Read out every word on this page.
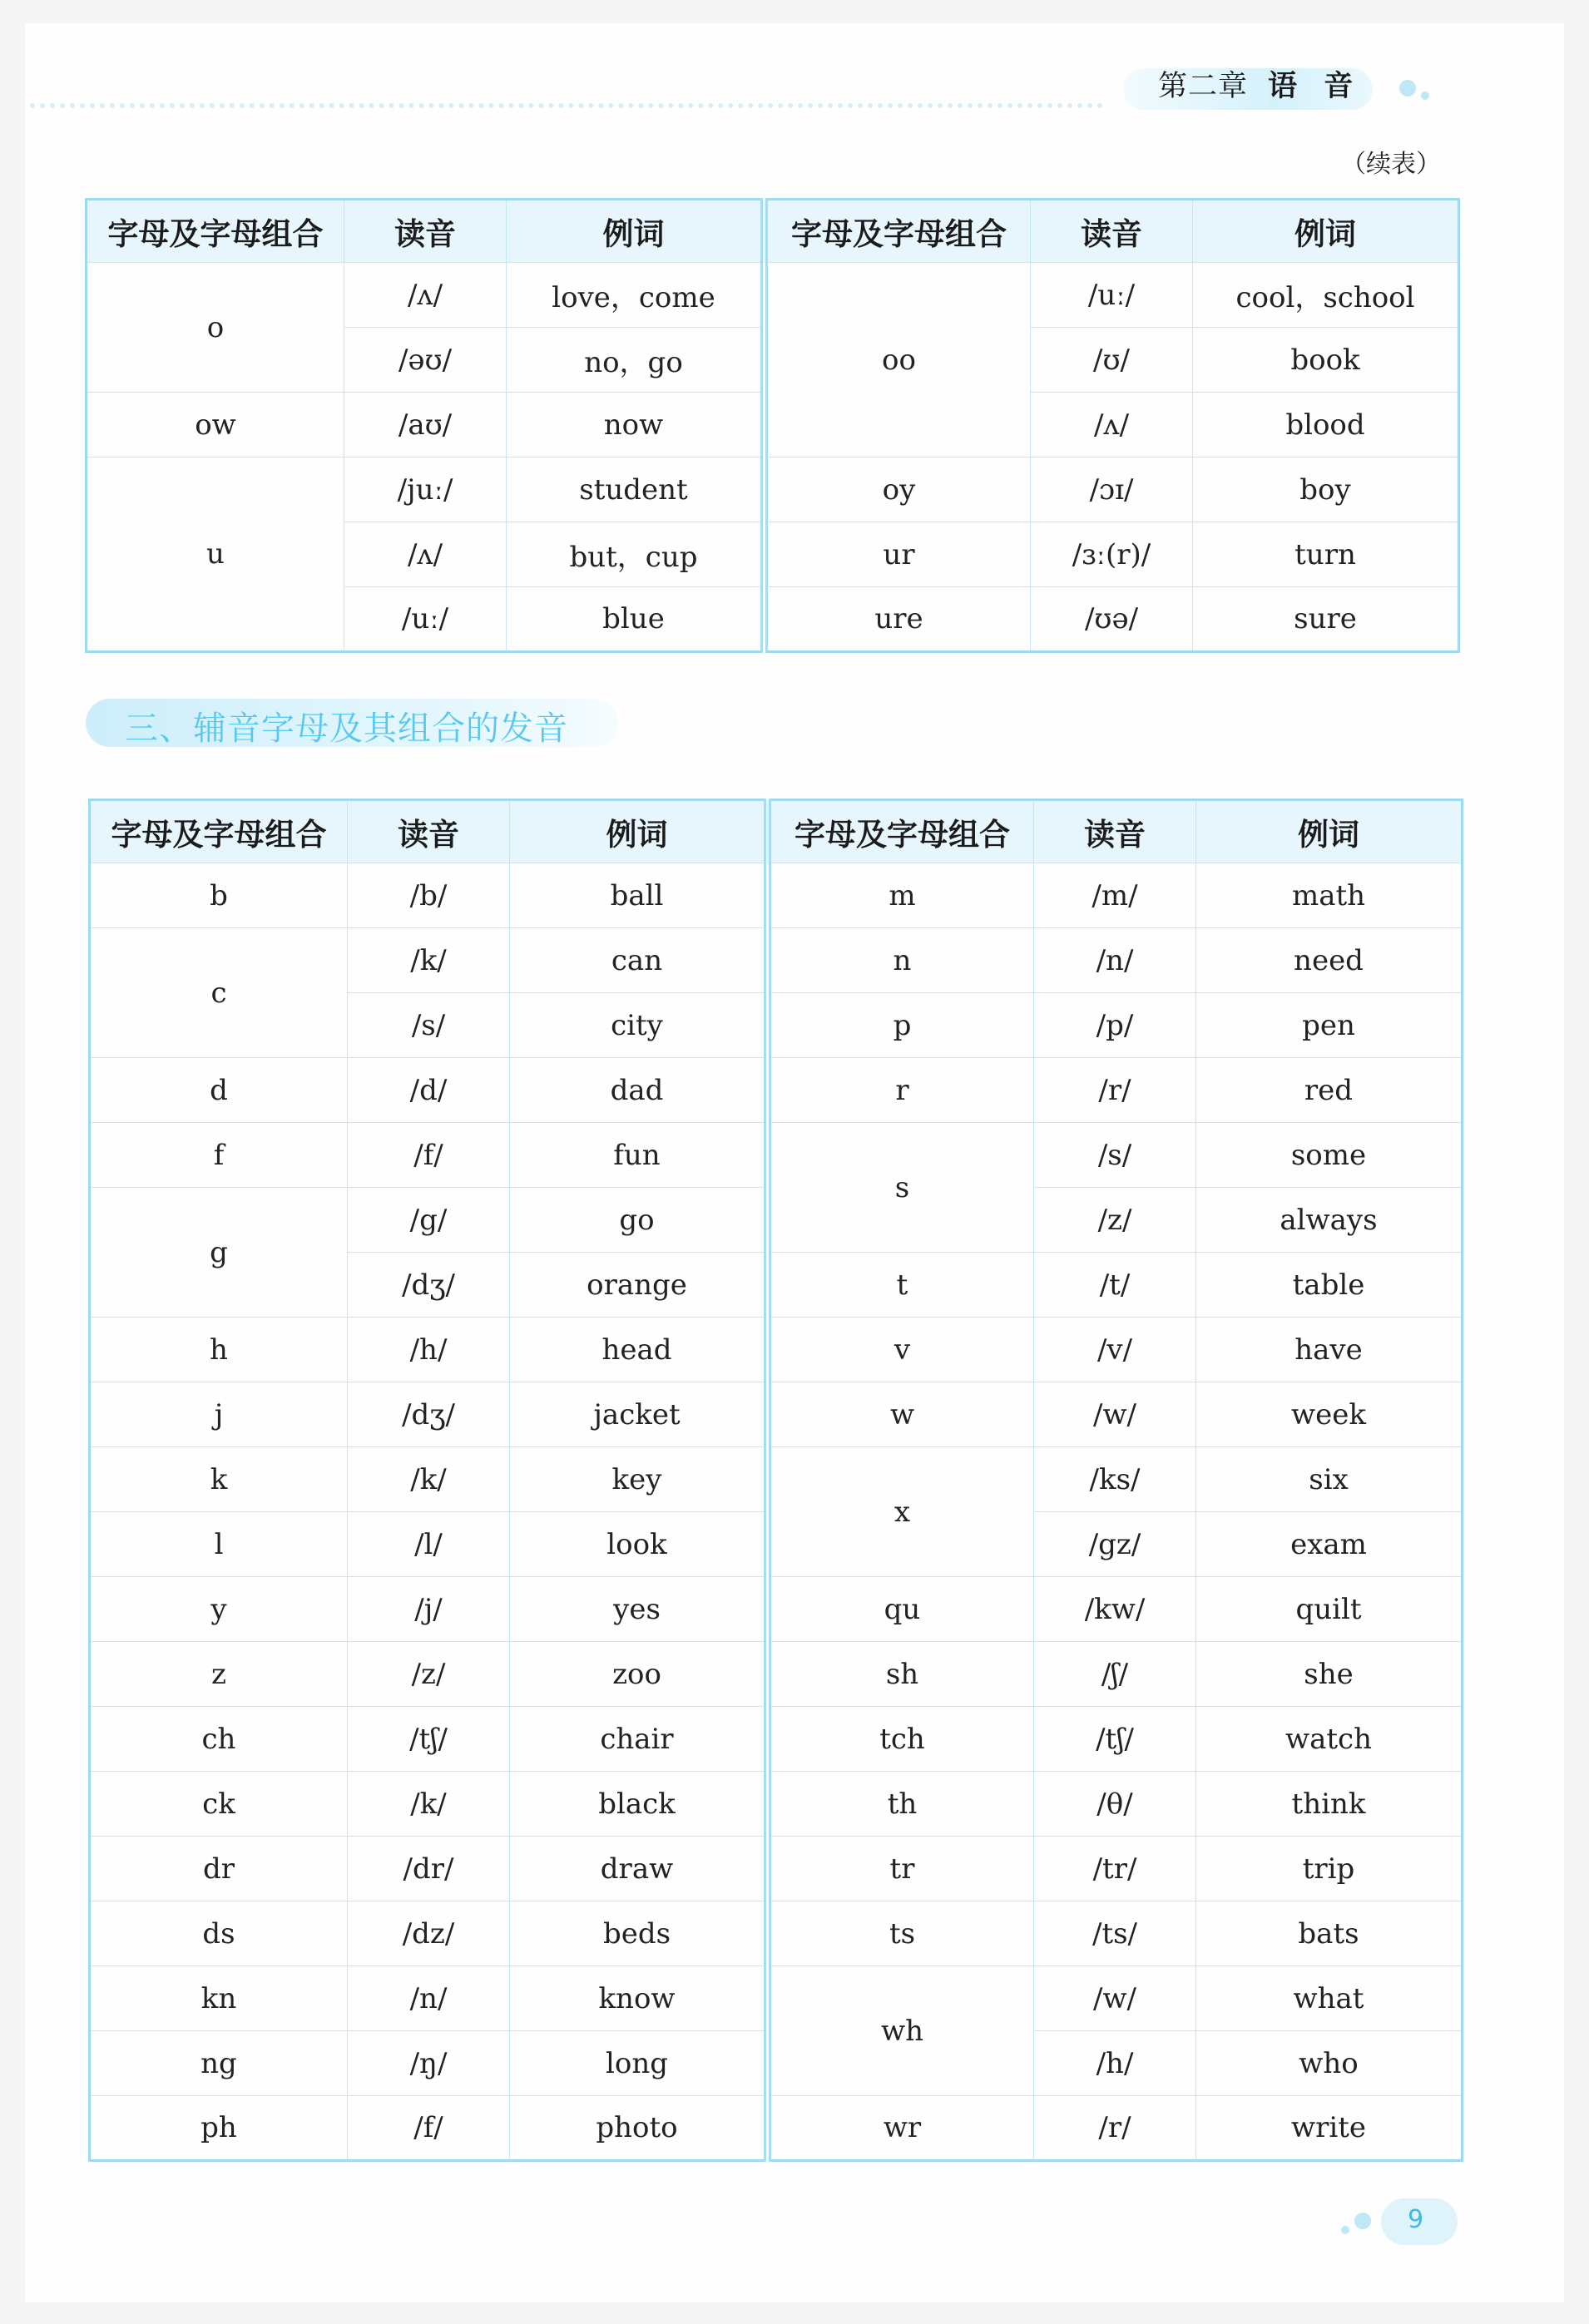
第二章 语 音
（续表）
字母及字母组合	读音	例词	字母及字母组合	读音	例词
o	/ʌ/	love，come	oo	/uː/	cool，school
	/əʊ/	no，go		/ʊ/	book
ow	/aʊ/	now		/ʌ/	blood
u	/juː/	student	oy	/ɔɪ/	boy
	/ʌ/	but，cup	ur	/ɜː(r)/	turn
	/uː/	blue	ure	/ʊə/	sure
三、辅音字母及其组合的发音
字母及字母组合	读音	例词	字母及字母组合	读音	例词
b	/b/	ball	m	/m/	math
c	/k/	can	n	/n/	need
	/s/	city	p	/p/	pen
d	/d/	dad	r	/r/	red
f	/f/	fun	s	/s/	some
g	/g/	go		/z/	always
	/dʒ/	orange	t	/t/	table
h	/h/	head	v	/v/	have
j	/dʒ/	jacket	w	/w/	week
k	/k/	key	x	/ks/	six
l	/l/	look		/gz/	exam
y	/j/	yes	qu	/kw/	quilt
z	/z/	zoo	sh	/ʃ/	she
ch	/tʃ/	chair	tch	/tʃ/	watch
ck	/k/	black	th	/θ/	think
dr	/dr/	draw	tr	/tr/	trip
ds	/dz/	beds	ts	/ts/	bats
kn	/n/	know	wh	/w/	what
ng	/ŋ/	long		/h/	who
ph	/f/	photo	wr	/r/	write
9
